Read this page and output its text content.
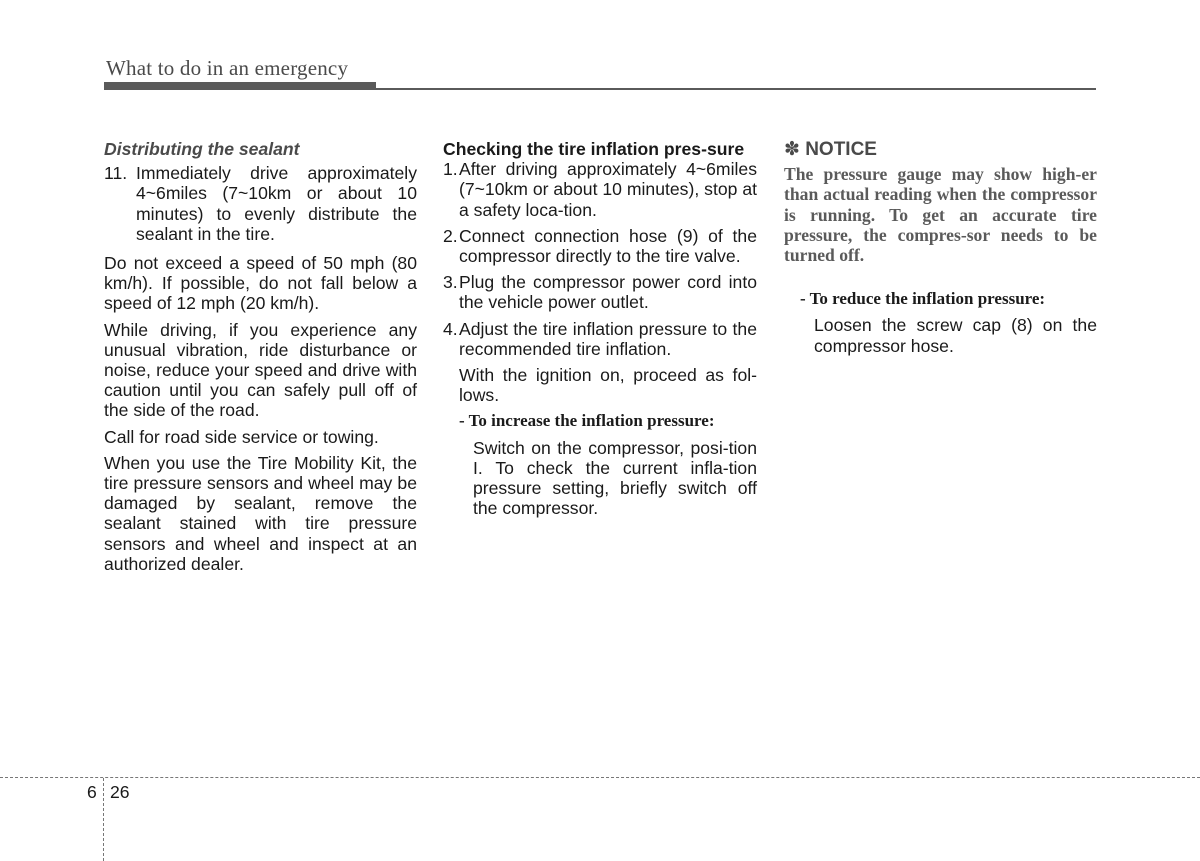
What to do in an emergency

Distributing the sealant

11. Immediately drive approximately 4~6miles (7~10km or about 10 minutes) to evenly distribute the sealant in the tire.

Do not exceed a speed of 50 mph (80 km/h). If possible, do not fall below a speed of 12 mph (20 km/h).

While driving, if you experience any unusual vibration, ride disturbance or noise, reduce your speed and drive with caution until you can safely pull off of the side of the road.

Call for road side service or towing.

When you use the Tire Mobility Kit, the tire pressure sensors and wheel may be damaged by sealant, remove the sealant stained with tire pressure sensors and wheel and inspect at an authorized dealer.

Checking the tire inflation pres-sure

1. After driving approximately 4~6miles (7~10km or about 10 minutes), stop at a safety loca-tion.
2. Connect connection hose (9) of the compressor directly to the tire valve.
3. Plug the compressor power cord into the vehicle power outlet.
4. Adjust the tire inflation pressure to the recommended tire inflation.

With the ignition on, proceed as fol-lows.

- To increase the inflation pressure:

Switch on the compressor, posi-tion I. To check the current infla-tion pressure setting, briefly switch off the compressor.

✽ NOTICE

The pressure gauge may show high-er than actual reading when the compressor is running. To get an accurate tire pressure, the compres-sor needs to be turned off.

- To reduce the inflation pressure:

Loosen the screw cap (8) on the compressor hose.

6 26
